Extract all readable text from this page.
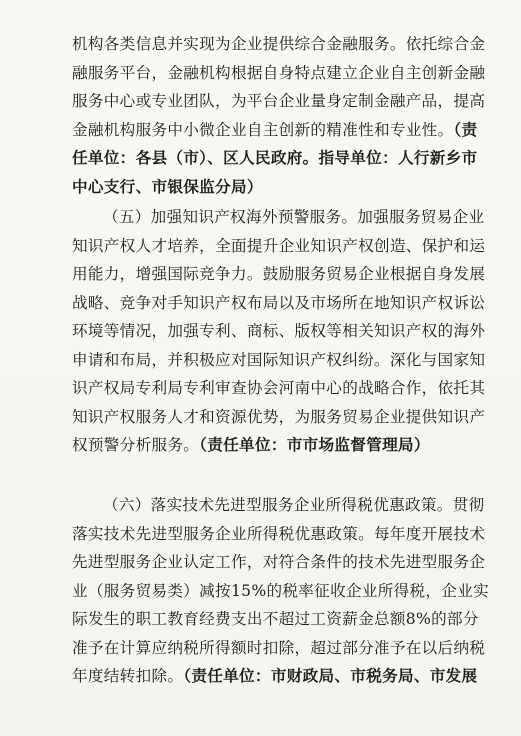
机构各类信息并实现为企业提供综合金融服务。依托综合金
融服务平台，金融机构根据自身特点建立企业自主创新金融
服务中心或专业团队，为平台企业量身定制金融产品，提高
金融机构服务中小微企业自主创新的精准性和专业性。（责
任单位：各县（市）、区人民政府。指导单位：人行新乡市
中心支行、市银保监分局）
（五）加强知识产权海外预警服务。加强服务贸易企业
知识产权人才培养，全面提升企业知识产权创造、保护和运
用能力，增强国际竞争力。鼓励服务贸易企业根据自身发展
战略、竞争对手知识产权布局以及市场所在地知识产权诉讼
环境等情况，加强专利、商标、版权等相关知识产权的海外
申请和布局，并积极应对国际知识产权纠纷。深化与国家知
识产权局专利局专利审查协会河南中心的战略合作，依托其
知识产权服务人才和资源优势，为服务贸易企业提供知识产
权预警分析服务。（责任单位：市市场监督管理局）
（六）落实技术先进型服务企业所得税优惠政策。贯彻
落实技术先进型服务企业所得税优惠政策。每年度开展技术
先进型服务企业认定工作，对符合条件的技术先进型服务企
业（服务贸易类）减按15%的税率征收企业所得税，企业实
际发生的职工教育经费支出不超过工资薪金总额8%的部分
准予在计算应纳税所得额时扣除，超过部分准予在以后纳税
年度结转扣除。（责任单位：市财政局、市税务局、市发展
